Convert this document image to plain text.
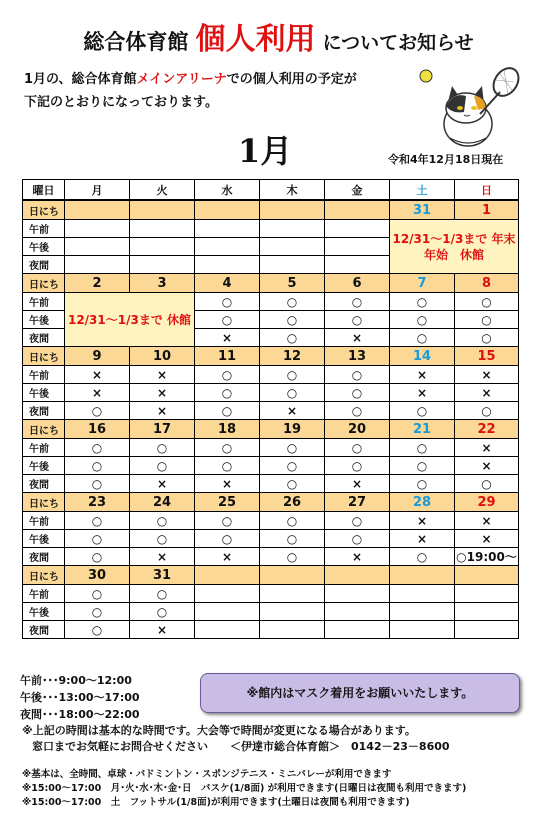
総合体育館 個人利用 についてお知らせ
1月の、総合体育館メインアリーナでの個人利用の予定が
下記のとおりになっております。
1月	令和4年12月18日現在
曜日	月	火	水	木	金	土	日
日にち						31	1
午前						12/31～1/3まで 年末年始　休館	
午後							
夜間							
日にち	2	3	4	5	6	7	8
午前	12/31～1/3まで 休館		○	○	○	○	○
午後			○	○	○	○	○
夜間			×	○	×	○	○
日にち	9	10	11	12	13	14	15
午前	×	×	○	○	○	×	×
午後	×	×	○	○	○	×	×
夜間	○	×	○	×	○	○	○
日にち	16	17	18	19	20	21	22
午前	○	○	○	○	○	○	×
午後	○	○	○	○	○	○	×
夜間	○	×	×	○	×	○	○
日にち	23	24	25	26	27	28	29
午前	○	○	○	○	○	×	×
午後	○	○	○	○	○	×	×
夜間	○	×	×	○	×	○	○19:00～
日にち	30	31					
午前	○	○					
午後	○	○					
夜間	○	×					
午前･･･9:00～12:00
午後･･･13:00～17:00
夜間･･･18:00～22:00
※館内はマスク着用をお願いいたします。
※上記の時間は基本的な時間です。大会等で時間が変更になる場合があります。
窓口までお気軽にお問合せください　　＜伊達市総合体育館＞　0142－23－8600
※基本は、全時間、卓球・バドミントン・スポンジテニス・ミニバレーが利用できます
※15:00～17:00　月･火･水･木･金･日　バスケ(1/8面) が利用できます(日曜日は夜間も利用できます)
※15:00～17:00　土　フットサル(1/8面)が利用できます(土曜日は夜間も利用できます)
